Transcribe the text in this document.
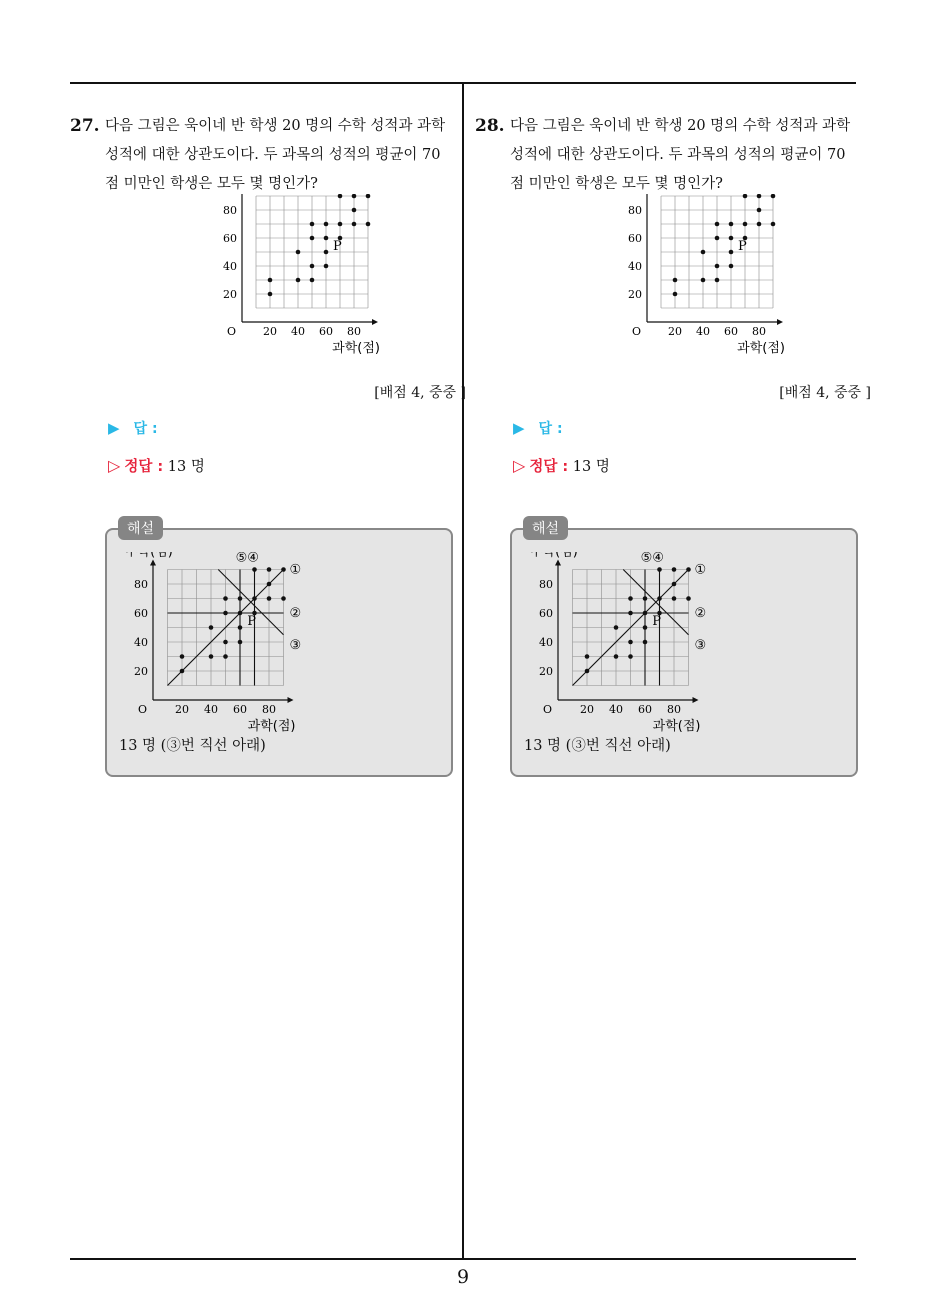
27. 다음 그림은 욱이네 반 학생 20 명의 수학 성적과 과학
성적에 대한 상관도이다. 두 과목의 성적의 평균이 70
점 미만인 학생은 모두 몇 명인가?
20 40 60 80
20
40
60
80
O
과학(점)
P
[배점 4, 중중 ]
▶ 답 :
▷ 정답 : 13 명
20 40 60 80
20
40
60
80
O
과학(점)
수학(점)
①
②
③
⑤④
P
13 명 (③번 직선 아래)
해설
28. 다음 그림은 욱이네 반 학생 20 명의 수학 성적과 과학
성적에 대한 상관도이다. 두 과목의 성적의 평균이 70
점 미만인 학생은 모두 몇 명인가?
20 40 60 80
20
40
60
80
O
과학(점)
P
[배점 4, 중중 ]
▶ 답 :
▷ 정답 : 13 명
20 40 60 80
20
40
60
80
O
과학(점)
수학(점)
①
②
③
⑤④
P
13 명 (③번 직선 아래)
해설
9
